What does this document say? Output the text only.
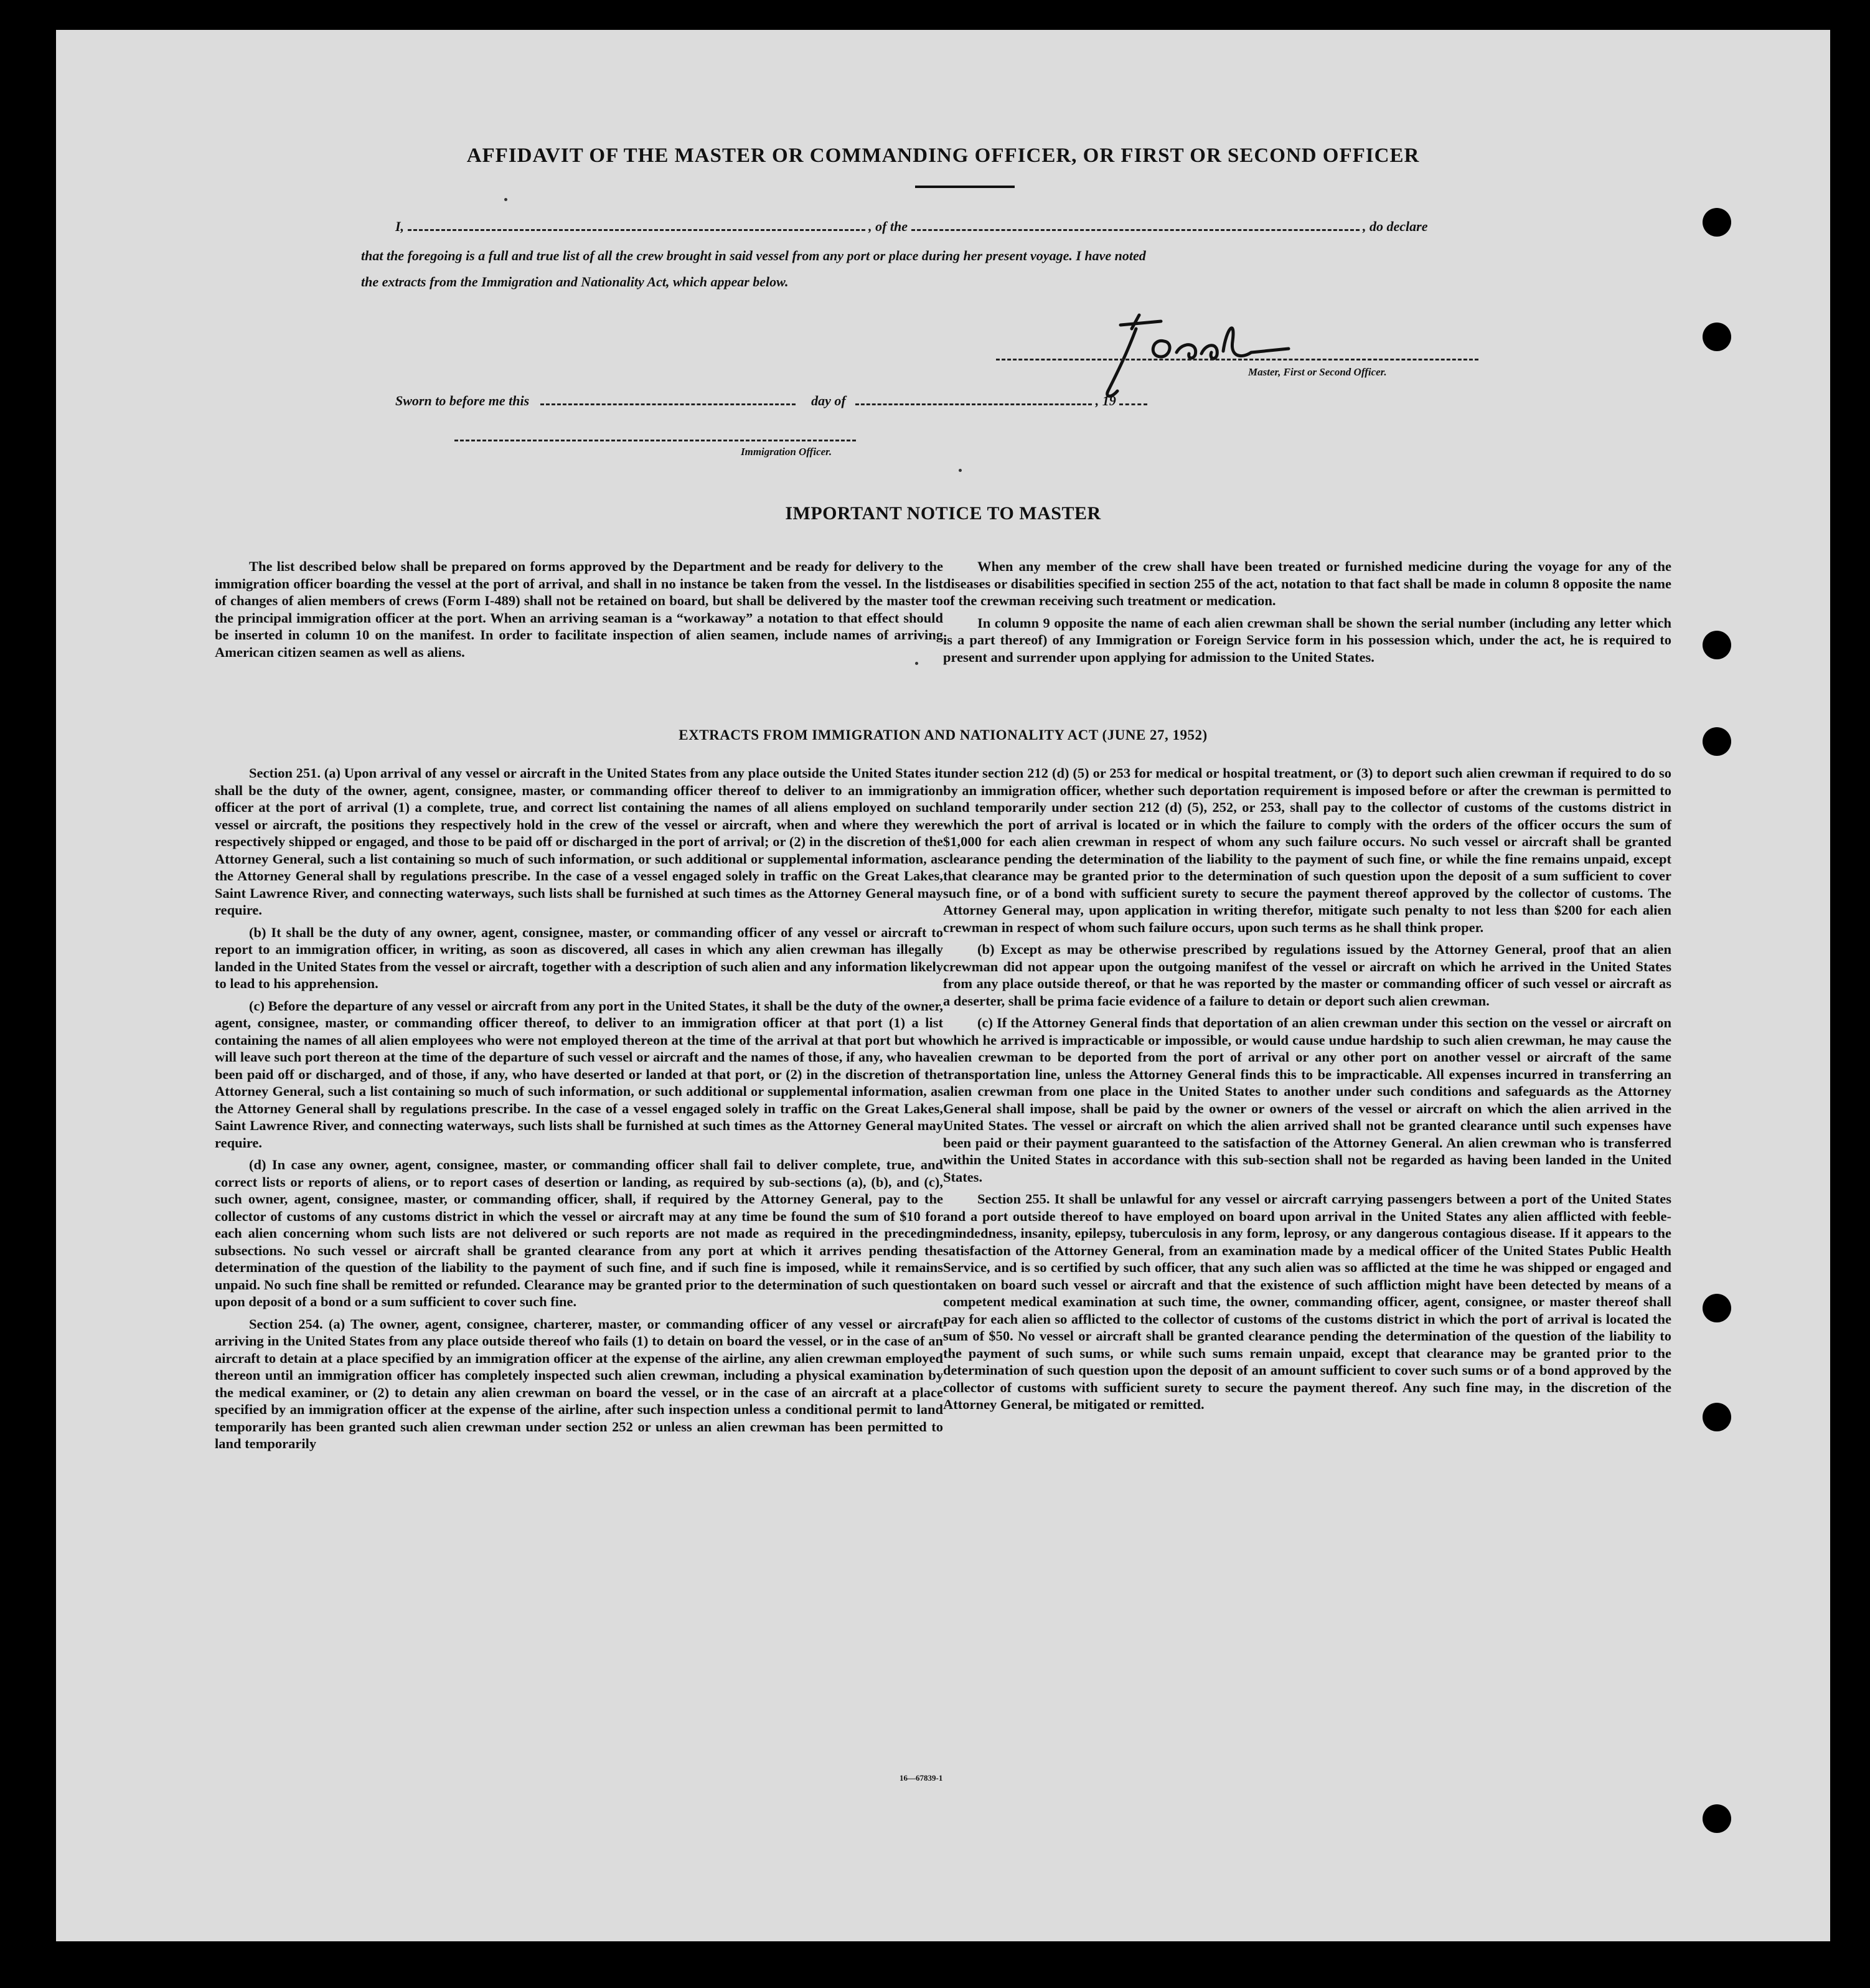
AFFIDAVIT OF THE MASTER OR COMMANDING OFFICER, OR FIRST OR SECOND OFFICER
I,	, of the	, do declare
that the foregoing is a full and true list of all the crew brought in said vessel from any port or place during her present voyage. I have noted
the extracts from the Immigration and Nationality Act, which appear below.
Master, First or Second Officer.
Sworn to before me this	day of	, 19
Immigration Officer.
IMPORTANT NOTICE TO MASTER

The list described below shall be prepared on forms approved by the Department and be ready for delivery to the immigration officer boarding the vessel at the port of arrival, and shall in no instance be taken from the vessel. In the list of changes of alien members of crews (Form I-489) shall not be retained on board, but shall be delivered by the master to the principal immigration officer at the port. When an arriving seaman is a “workaway” a notation to that effect should be inserted in column 10 on the manifest. In order to facilitate inspection of alien seamen, include names of arriving American citizen seamen as well as aliens.

When any member of the crew shall have been treated or furnished medicine during the voyage for any of the diseases or disabilities specified in section 255 of the act, notation to that fact shall be made in column 8 opposite the name of the crewman receiving such treatment or medication.

In column 9 opposite the name of each alien crewman shall be shown the serial number (including any letter which is a part thereof) of any Immigration or Foreign Service form in his possession which, under the act, he is required to present and surrender upon applying for admission to the United States.

EXTRACTS FROM IMMIGRATION AND NATIONALITY ACT (JUNE 27, 1952)

Section 251. (a) Upon arrival of any vessel or aircraft in the United States from any place outside the United States it shall be the duty of the owner, agent, consignee, master, or commanding officer thereof to deliver to an immigration officer at the port of arrival (1) a complete, true, and correct list containing the names of all aliens employed on such vessel or aircraft, the positions they respectively hold in the crew of the vessel or aircraft, when and where they were respectively shipped or engaged, and those to be paid off or discharged in the port of arrival; or (2) in the discretion of the Attorney General, such a list containing so much of such information, or such additional or supplemental information, as the Attorney General shall by regulations prescribe. In the case of a vessel engaged solely in traffic on the Great Lakes, Saint Lawrence River, and connecting waterways, such lists shall be furnished at such times as the Attorney General may require.

(b) It shall be the duty of any owner, agent, consignee, master, or commanding officer of any vessel or aircraft to report to an immigration officer, in writing, as soon as discovered, all cases in which any alien crewman has illegally landed in the United States from the vessel or aircraft, together with a description of such alien and any information likely to lead to his apprehension.

(c) Before the departure of any vessel or aircraft from any port in the United States, it shall be the duty of the owner, agent, consignee, master, or commanding officer thereof, to deliver to an immigration officer at that port (1) a list containing the names of all alien employees who were not employed thereon at the time of the arrival at that port but who will leave such port thereon at the time of the departure of such vessel or aircraft and the names of those, if any, who have been paid off or discharged, and of those, if any, who have deserted or landed at that port, or (2) in the discretion of the Attorney General, such a list containing so much of such information, or such additional or supplemental information, as the Attorney General shall by regulations prescribe. In the case of a vessel engaged solely in traffic on the Great Lakes, Saint Lawrence River, and connecting waterways, such lists shall be furnished at such times as the Attorney General may require.

(d) In case any owner, agent, consignee, master, or commanding officer shall fail to deliver complete, true, and correct lists or reports of aliens, or to report cases of desertion or landing, as required by sub-sections (a), (b), and (c), such owner, agent, consignee, master, or commanding officer, shall, if required by the Attorney General, pay to the collector of customs of any customs district in which the vessel or aircraft may at any time be found the sum of $10 for each alien concerning whom such lists are not delivered or such reports are not made as required in the preceding subsections. No such vessel or aircraft shall be granted clearance from any port at which it arrives pending the determination of the question of the liability to the payment of such fine, and if such fine is imposed, while it remains unpaid. No such fine shall be remitted or refunded. Clearance may be granted prior to the determination of such question upon deposit of a bond or a sum sufficient to cover such fine.

Section 254. (a) The owner, agent, consignee, charterer, master, or commanding officer of any vessel or aircraft arriving in the United States from any place outside thereof who fails (1) to detain on board the vessel, or in the case of an aircraft to detain at a place specified by an immigration officer at the expense of the airline, any alien crewman employed thereon until an immigration officer has completely inspected such alien crewman, including a physical examination by the medical examiner, or (2) to detain any alien crewman on board the vessel, or in the case of an aircraft at a place specified by an immigration officer at the expense of the airline, after such inspection unless a conditional permit to land temporarily has been granted such alien crewman under section 252 or unless an alien crewman has been permitted to land temporarily

under section 212 (d) (5) or 253 for medical or hospital treatment, or (3) to deport such alien crewman if required to do so by an immigration officer, whether such deportation requirement is imposed before or after the crewman is permitted to land temporarily under section 212 (d) (5), 252, or 253, shall pay to the collector of customs of the customs district in which the port of arrival is located or in which the failure to comply with the orders of the officer occurs the sum of $1,000 for each alien crewman in respect of whom any such failure occurs. No such vessel or aircraft shall be granted clearance pending the determination of the liability to the payment of such fine, or while the fine remains unpaid, except that clearance may be granted prior to the determination of such question upon the deposit of a sum sufficient to cover such fine, or of a bond with sufficient surety to secure the payment thereof approved by the collector of customs. The Attorney General may, upon application in writing therefor, mitigate such penalty to not less than $200 for each alien crewman in respect of whom such failure occurs, upon such terms as he shall think proper.

(b) Except as may be otherwise prescribed by regulations issued by the Attorney General, proof that an alien crewman did not appear upon the outgoing manifest of the vessel or aircraft on which he arrived in the United States from any place outside thereof, or that he was reported by the master or commanding officer of such vessel or aircraft as a deserter, shall be prima facie evidence of a failure to detain or deport such alien crewman.

(c) If the Attorney General finds that deportation of an alien crewman under this section on the vessel or aircraft on which he arrived is impracticable or impossible, or would cause undue hardship to such alien crewman, he may cause the alien crewman to be deported from the port of arrival or any other port on another vessel or aircraft of the same transportation line, unless the Attorney General finds this to be impracticable. All expenses incurred in transferring an alien crewman from one place in the United States to another under such conditions and safeguards as the Attorney General shall impose, shall be paid by the owner or owners of the vessel or aircraft on which the alien arrived in the United States. The vessel or aircraft on which the alien arrived shall not be granted clearance until such expenses have been paid or their payment guaranteed to the satisfaction of the Attorney General. An alien crewman who is transferred within the United States in accordance with this sub-section shall not be regarded as having been landed in the United States.

Section 255. It shall be unlawful for any vessel or aircraft carrying passengers between a port of the United States and a port outside thereof to have employed on board upon arrival in the United States any alien afflicted with feeble-mindedness, insanity, epilepsy, tuberculosis in any form, leprosy, or any dangerous contagious disease. If it appears to the satisfaction of the Attorney General, from an examination made by a medical officer of the United States Public Health Service, and is so certified by such officer, that any such alien was so afflicted at the time he was shipped or engaged and taken on board such vessel or aircraft and that the existence of such affliction might have been detected by means of a competent medical examination at such time, the owner, commanding officer, agent, consignee, or master thereof shall pay for each alien so afflicted to the collector of customs of the customs district in which the port of arrival is located the sum of $50. No vessel or aircraft shall be granted clearance pending the determination of the question of the liability to the payment of such sums, or while such sums remain unpaid, except that clearance may be granted prior to the determination of such question upon the deposit of an amount sufficient to cover such sums or of a bond approved by the collector of customs with sufficient surety to secure the payment thereof. Any such fine may, in the discretion of the Attorney General, be mitigated or remitted.

16—67839-1
